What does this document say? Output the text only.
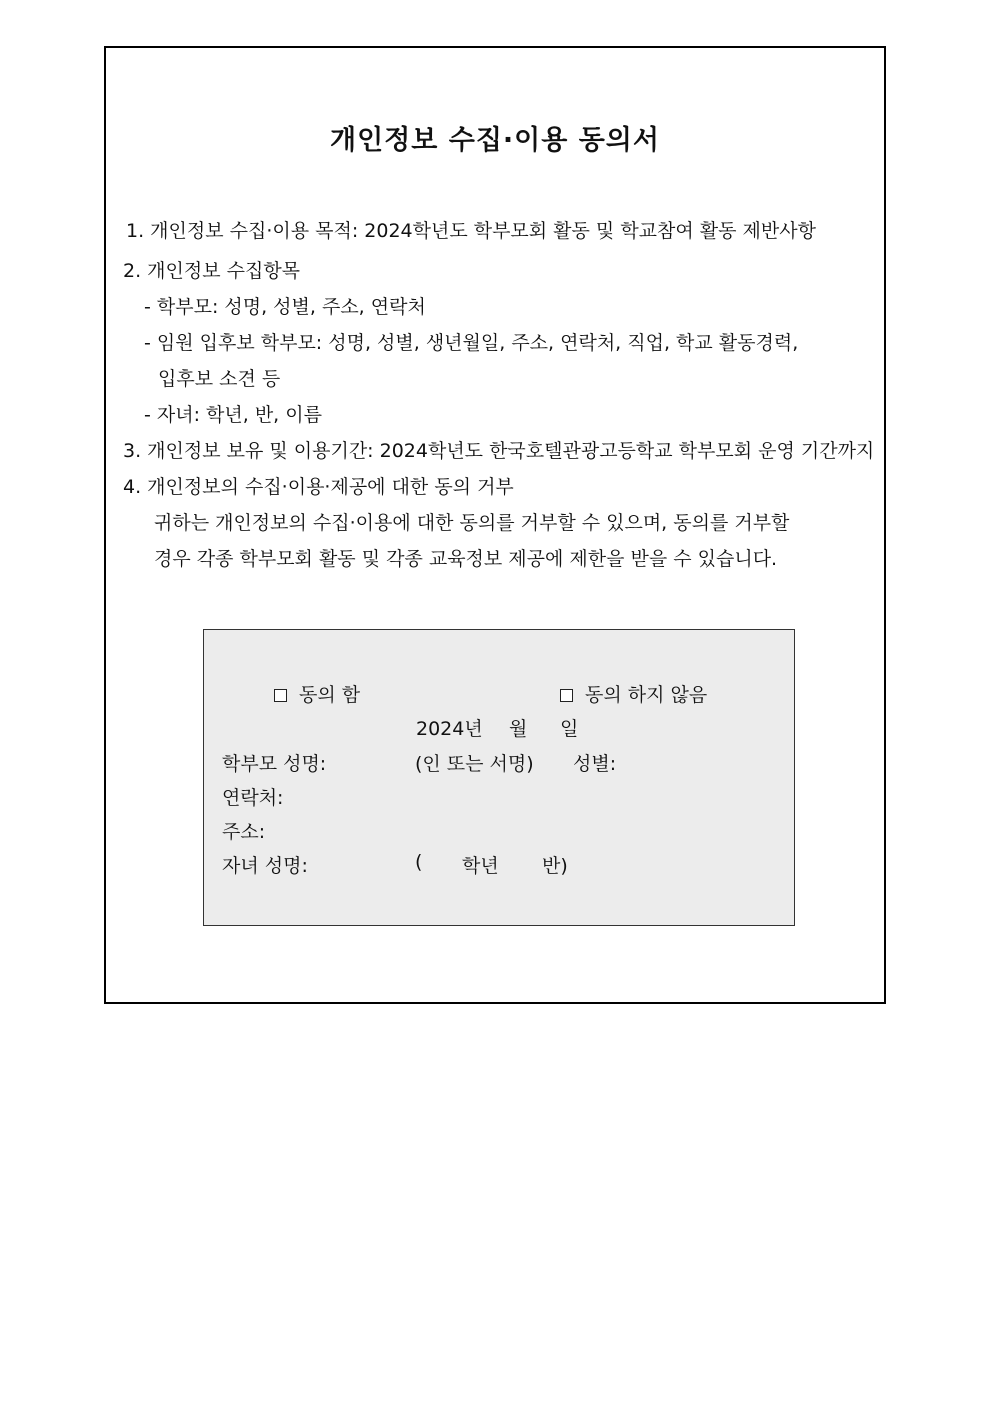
개인정보 수집·이용 동의서

1. 개인정보 수집·이용 목적: 2024학년도 학부모회 활동 및 학교참여 활동 제반사항

2. 개인정보 수집항목

- 학부모: 성명, 성별, 주소, 연락처

- 임원 입후보 학부모: 성명, 성별, 생년월일, 주소, 연락처, 직업, 학교 활동경력,

입후보 소견 등

- 자녀: 학년, 반, 이름

3. 개인정보 보유 및 이용기간: 2024학년도 한국호텔관광고등학교 학부모회 운영 기간까지

4. 개인정보의 수집·이용·제공에 대한 동의 거부

귀하는 개인정보의 수집·이용에 대한 동의를 거부할 수 있으며, 동의를 거부할

경우 각종 학부모회 활동 및 각종 교육정보 제공에 제한을 받을 수 있습니다.

동의 함	동의 하지 않음
2024년 월 일
학부모 성명:	(인 또는 서명) 성별:
연락처:
주소:
자녀 성명:	( 학년 반)
